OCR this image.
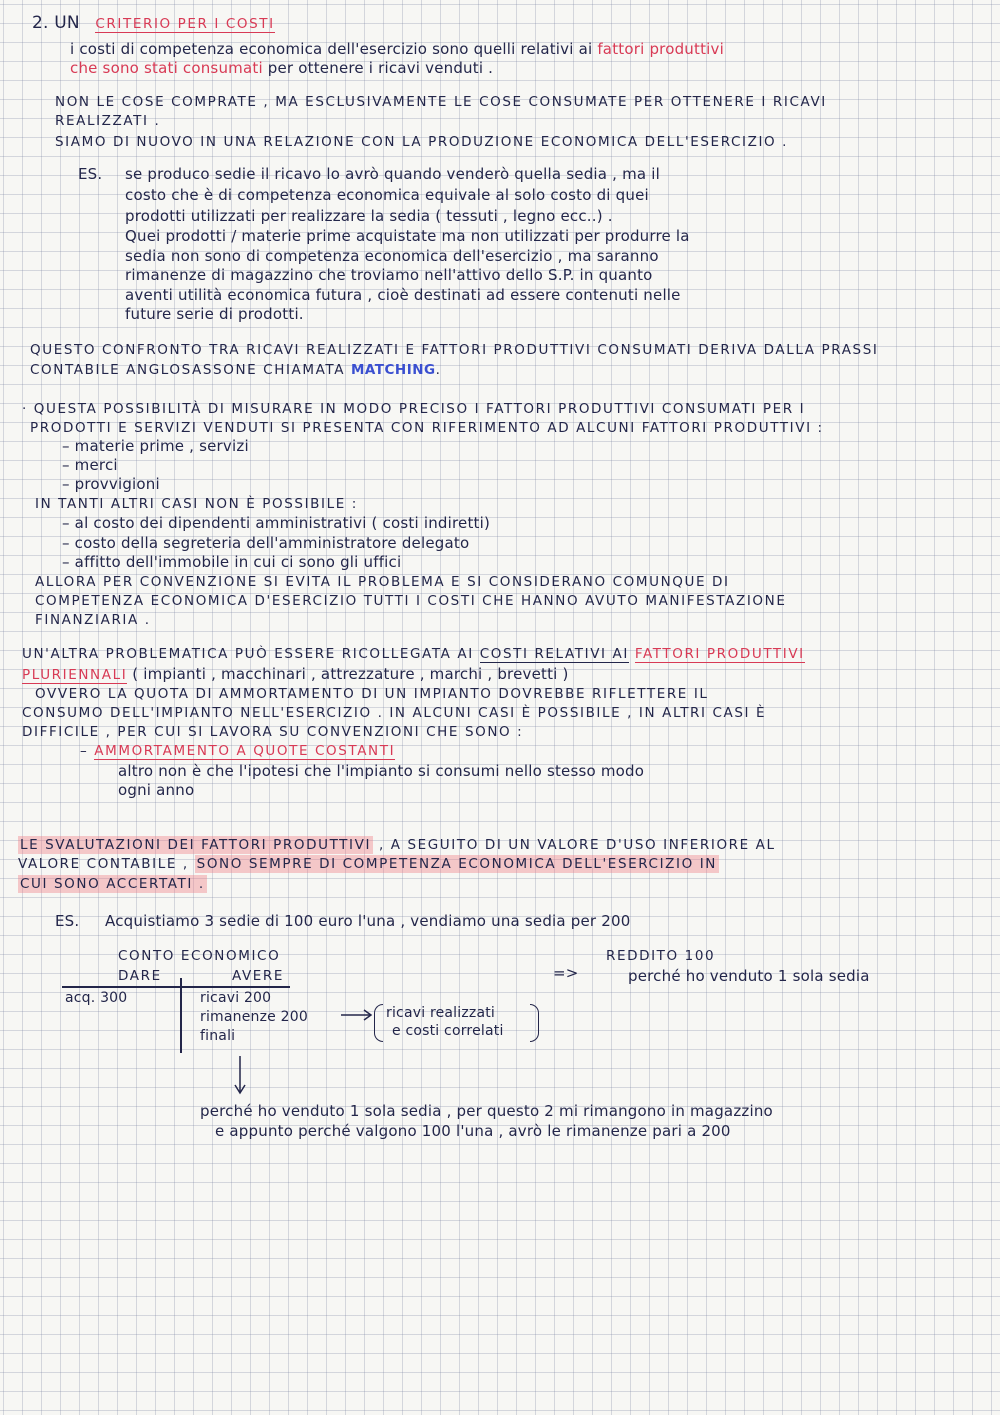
2. UN CRITERIO PER I COSTI
i costi di competenza economica dell'esercizio sono quelli relativi ai fattori produttivi
che sono stati consumati per ottenere i ricavi venduti .
NON LE COSE COMPRATE , MA ESCLUSIVAMENTE LE COSE CONSUMATE PER OTTENERE I RICAVI
REALIZZATI .
SIAMO DI NUOVO IN UNA RELAZIONE CON LA PRODUZIONE ECONOMICA DELL'ESERCIZIO .
ES. se produco sedie il ricavo lo avrò quando venderò quella sedia , ma il
costo che è di competenza economica equivale al solo costo di quei
prodotti utilizzati per realizzare la sedia ( tessuti , legno ecc..) .
Quei prodotti / materie prime acquistate ma non utilizzati per produrre la
sedia non sono di competenza economica dell'esercizio , ma saranno
rimanenze di magazzino che troviamo nell'attivo dello S.P. in quanto
aventi utilità economica futura , cioè destinati ad essere contenuti nelle
future serie di prodotti.
QUESTO CONFRONTO TRA RICAVI REALIZZATI E FATTORI PRODUTTIVI CONSUMATI DERIVA DALLA PRASSI
CONTABILE ANGLOSASSONE CHIAMATA MATCHING.
· QUESTA POSSIBILITÀ DI MISURARE IN MODO PRECISO I FATTORI PRODUTTIVI CONSUMATI PER I
PRODOTTI E SERVIZI VENDUTI SI PRESENTA CON RIFERIMENTO AD ALCUNI FATTORI PRODUTTIVI :
– materie prime , servizi
– merci
– provvigioni
IN TANTI ALTRI CASI NON È POSSIBILE :
– al costo dei dipendenti amministrativi ( costi indiretti)
– costo della segreteria dell'amministratore delegato
– affitto dell'immobile in cui ci sono gli uffici
ALLORA PER CONVENZIONE SI EVITA IL PROBLEMA E SI CONSIDERANO COMUNQUE DI
COMPETENZA ECONOMICA D'ESERCIZIO TUTTI I COSTI CHE HANNO AVUTO MANIFESTAZIONE
FINANZIARIA .
UN'ALTRA PROBLEMATICA PUÒ ESSERE RICOLLEGATA AI COSTI RELATIVI AI FATTORI PRODUTTIVI
PLURIENNALI ( impianti , macchinari , attrezzature , marchi , brevetti )
OVVERO LA QUOTA DI AMMORTAMENTO DI UN IMPIANTO DOVREBBE RIFLETTERE IL
CONSUMO DELL'IMPIANTO NELL'ESERCIZIO . IN ALCUNI CASI È POSSIBILE , IN ALTRI CASI È
DIFFICILE , PER CUI SI LAVORA SU CONVENZIONI CHE SONO :
– AMMORTAMENTO A QUOTE COSTANTI
altro non è che l'ipotesi che l'impianto si consumi nello stesso modo
ogni anno
LE SVALUTAZIONI DEI FATTORI PRODUTTIVI , A SEGUITO DI UN VALORE D'USO INFERIORE AL
VALORE CONTABILE , SONO SEMPRE DI COMPETENZA ECONOMICA DELL'ESERCIZIO IN
CUI SONO ACCERTATI .
ES. Acquistiamo 3 sedie di 100 euro l'una , vendiamo una sedia per 200
CONTO ECONOMICO
DARE	AVERE
acq. 300	ricavi 200
rimanenze 200
finali
ricavi realizzati
e costi correlati
=>
REDDITO 100
perché ho venduto 1 sola sedia
perché ho venduto 1 sola sedia , per questo 2 mi rimangono in magazzino
e appunto perché valgono 100 l'una , avrò le rimanenze pari a 200
